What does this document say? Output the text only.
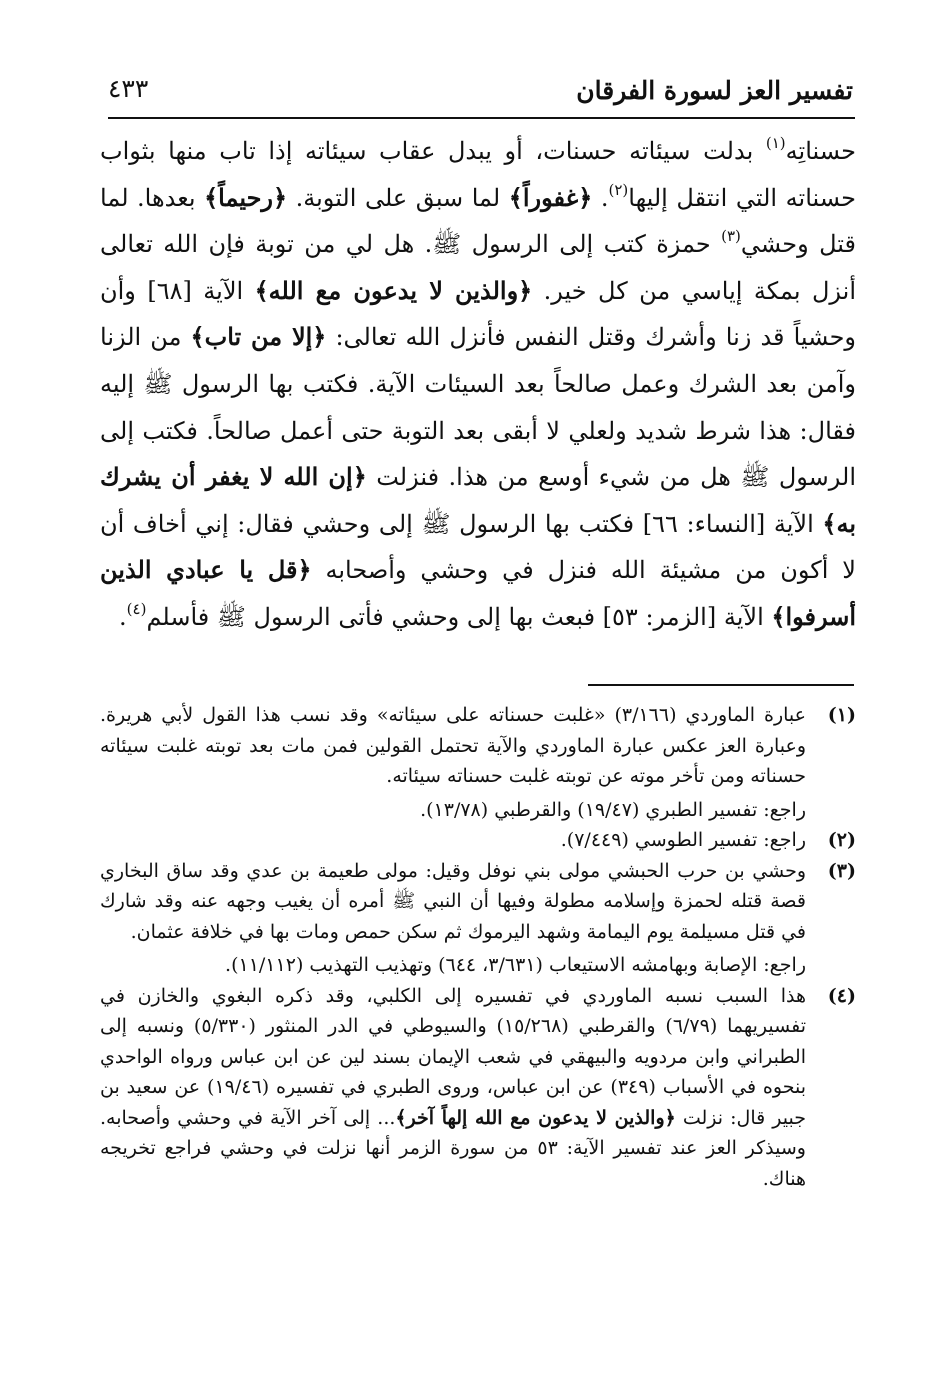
تفسير العز لسورة الفرقان
٤٣٣

حسناتِه$^{(١)}$ بدلت سيئاته حسنات، أو يبدل عقاب سيئاته إذا تاب منها بثواب حسناته التي انتقل إليها$^{(٢)}$. ﴿غفوراً﴾ لما سبق على التوبة. ﴿رحيماً﴾ بعدها. لما قتل وحشي$^{(٣)}$ حمزة كتب إلى الرسول ﷺ. هل لي من توبة فإن الله تعالى أنزل بمكة إياسي من كل خير. ﴿والذين لا يدعون مع الله﴾ الآية [٦٨] وأن وحشياً قد زنا وأشرك وقتل النفس فأنزل الله تعالى: ﴿إلا من تاب﴾ من الزنا وآمن بعد الشرك وعمل صالحاً بعد السيئات الآية. فكتب بها الرسول ﷺ إليه فقال: هذا شرط شديد ولعلي لا أبقى بعد التوبة حتى أعمل صالحاً. فكتب إلى الرسول ﷺ هل من شيء أوسع من هذا. فنزلت ﴿إن الله لا يغفر أن يشرك به﴾ الآية [النساء: ٦٦] فكتب بها الرسول ﷺ إلى وحشي فقال: إني أخاف أن لا أكون من مشيئة الله فنزل في وحشي وأصحابه ﴿قل يا عبادي الذين أسرفوا﴾ الآية [الزمر: ٥٣] فبعث بها إلى وحشي فأتى الرسول ﷺ فأسلم$^{(٤)}$.

(١)

عبارة الماوردي (٣/١٦٦) «غلبت حسناته على سيئاته» وقد نسب هذا القول لأبي هريرة. وعبارة العز عكس عبارة الماوردي والآية تحتمل القولين فمن مات بعد توبته غلبت سيئاته حسناته ومن تأخر موته عن توبته غلبت حسناته سيئاته.

راجع: تفسير الطبري (١٩/٤٧) والقرطبي (١٣/٧٨).

(٢)

راجع: تفسير الطوسي (٧/٤٤٩).

(٣)

وحشي بن حرب الحبشي مولى بني نوفل وقيل: مولى طعيمة بن عدي وقد ساق البخاري قصة قتله لحمزة وإسلامه مطولة وفيها أن النبي ﷺ أمره أن يغيب وجهه عنه وقد شارك في قتل مسيلمة يوم اليمامة وشهد اليرموك ثم سكن حمص ومات بها في خلافة عثمان.

راجع: الإصابة وبهامشه الاستيعاب (٣/٦٣١، ٦٤٤) وتهذيب التهذيب (١١/١١٢).

(٤)

هذا السبب نسبه الماوردي في تفسيره إلى الكلبي، وقد ذكره البغوي والخازن في تفسيريهما (٦/٧٩) والقرطبي (١٥/٢٦٨) والسيوطي في الدر المنثور (٥/٣٣٠) ونسبه إلى الطبراني وابن مردويه والبيهقي في شعب الإيمان بسند لين عن ابن عباس ورواه الواحدي بنحوه في الأسباب (٣٤٩) عن ابن عباس، وروى الطبري في تفسيره (١٩/٤٦) عن سعيد بن جبير قال: نزلت ﴿والذين لا يدعون مع الله إلهاً آخر﴾... إلى آخر الآية في وحشي وأصحابه. وسيذكر العز عند تفسير الآية: ٥٣ من سورة الزمر أنها نزلت في وحشي فراجع تخريجه هناك.
